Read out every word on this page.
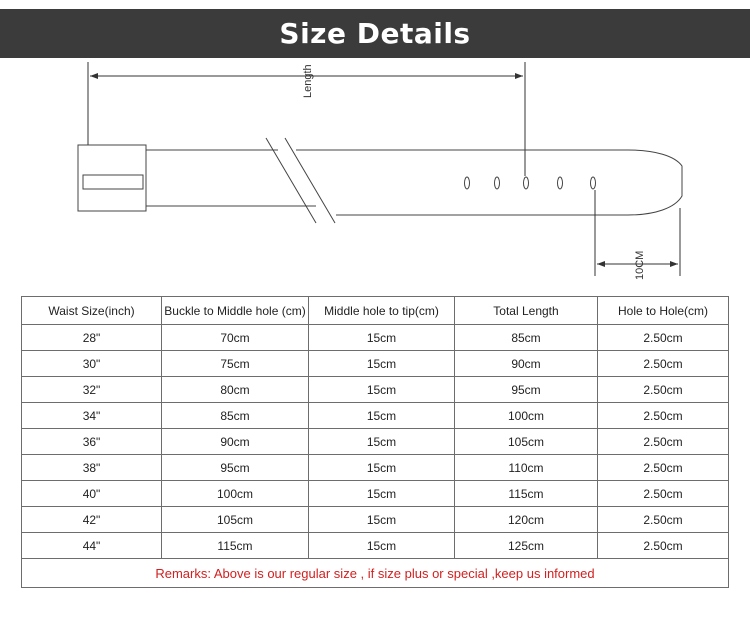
Size Details
Length
10CM
Waist Size(inch)	Buckle to Middle hole (cm)	Middle hole to tip(cm)	Total Length	Hole to Hole(cm)
28"	70cm	15cm	85cm	2.50cm
30"	75cm	15cm	90cm	2.50cm
32"	80cm	15cm	95cm	2.50cm
34"	85cm	15cm	100cm	2.50cm
36"	90cm	15cm	105cm	2.50cm
38"	95cm	15cm	110cm	2.50cm
40"	100cm	15cm	115cm	2.50cm
42"	105cm	15cm	120cm	2.50cm
44"	115cm	15cm	125cm	2.50cm
Remarks: Above is our regular size , if size plus or special ,keep us informed				
